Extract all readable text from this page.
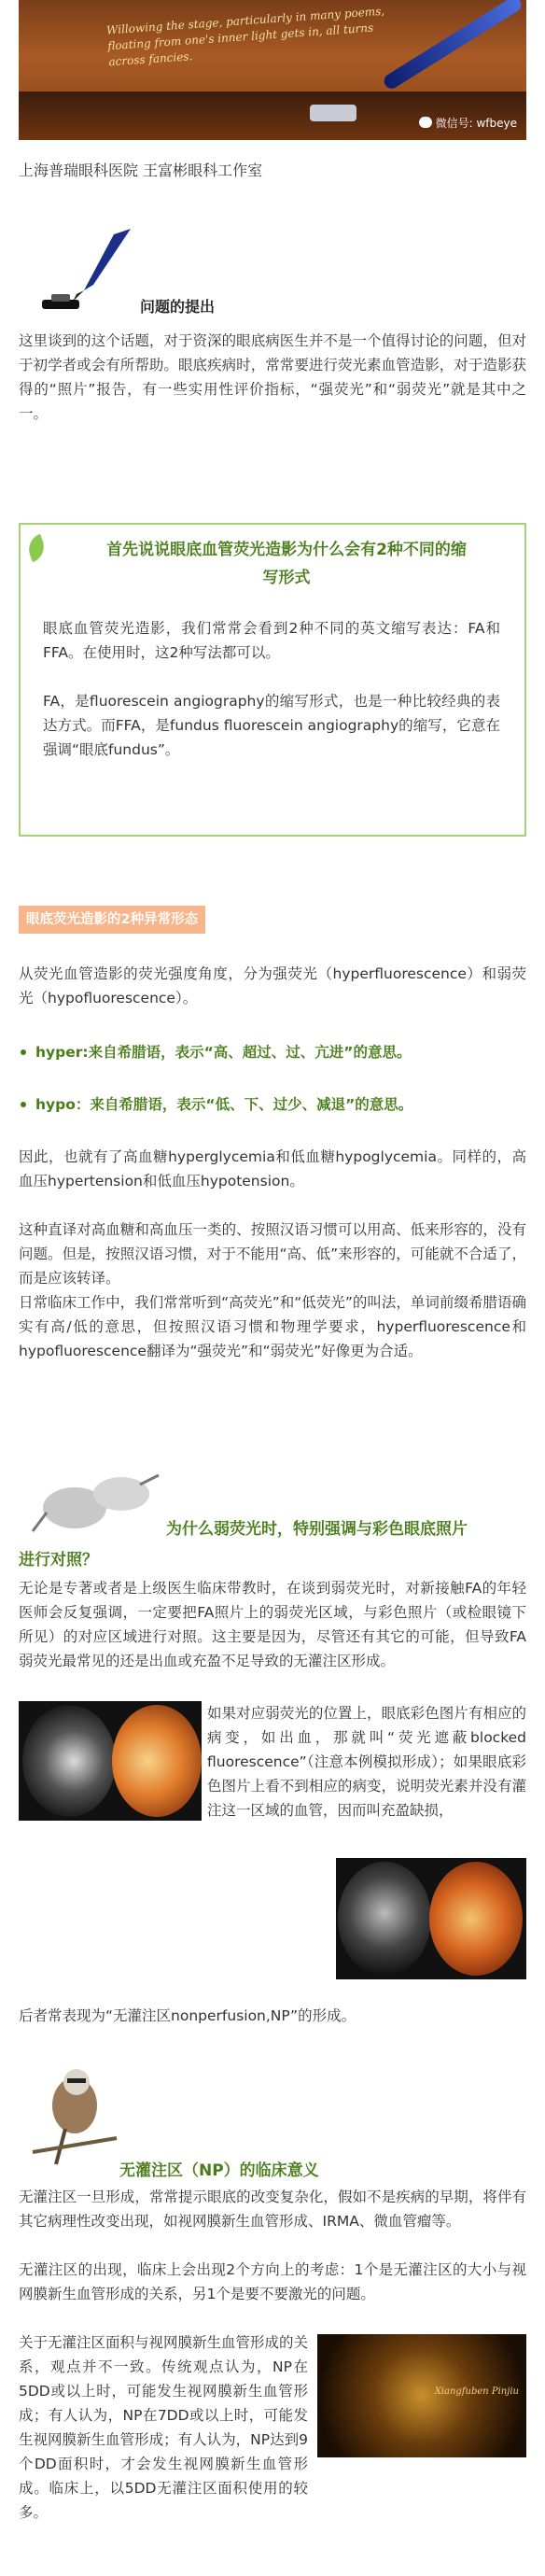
Willowing the stage, particularly in many poems, floating from one's inner light gets in, all turns across fancies.
微信号: wfbeye
上海普瑞眼科医院 王富彬眼科工作室
问题的提出
这里谈到的这个话题，对于资深的眼底病医生并不是一个值得讨论的问题，但对于初学者或会有所帮助。眼底疾病时，常常要进行荧光素血管造影，对于造影获得的“照片”报告，有一些实用性评价指标，“强荧光”和“弱荧光”就是其中之一。
首先说说眼底血管荧光造影为什么会有2种不同的缩
写形式
眼底血管荧光造影，我们常常会看到2种不同的英文缩写表达：FA和FFA。在使用时，这2种写法都可以。
FA，是fluorescein angiography的缩写形式，也是一种比较经典的表达方式。而FFA，是fundus fluorescein angiography的缩写，它意在强调“眼底fundus”。
眼底荧光造影的2种异常形态
从荧光血管造影的荧光强度角度，分为强荧光（hyperfluorescence）和弱荧光（hypofluorescence）。
hyper:来自希腊语，表示“高、超过、过、亢进”的意思。
hypo：来自希腊语，表示“低、下、过少、减退”的意思。
因此，也就有了高血糖hyperglycemia和低血糖hypoglycemia。同样的，高血压hypertension和低血压hypotension。
这种直译对高血糖和高血压一类的、按照汉语习惯可以用高、低来形容的，没有问题。但是，按照汉语习惯，对于不能用“高、低”来形容的，可能就不合适了，而是应该转译。
日常临床工作中，我们常常听到“高荧光”和“低荧光”的叫法，单词前缀希腊语确实有高/低的意思，但按照汉语习惯和物理学要求，hyperfluorescence和hypofluorescence翻译为“强荧光”和“弱荧光”好像更为合适。
为什么弱荧光时，特别强调与彩色眼底照片
进行对照？
无论是专著或者是上级医生临床带教时，在谈到弱荧光时，对新接触FA的年轻医师会反复强调，一定要把FA照片上的弱荧光区域，与彩色照片（或检眼镜下所见）的对应区域进行对照。这主要是因为，尽管还有其它的可能，但导致FA弱荧光最常见的还是出血或充盈不足导致的无灌注区形成。
如果对应弱荧光的位置上，眼底彩色图片有相应的病变，如出血，那就叫“荧光遮蔽blocked fluorescence”（注意本例模拟形成）；如果眼底彩色图片上看不到相应的病变，说明荧光素并没有灌注这一区域的血管，因而叫充盈缺损，
后者常表现为“无灌注区nonperfusion,NP”的形成。
无灌注区（NP）的临床意义
无灌注区一旦形成，常常提示眼底的改变复杂化，假如不是疾病的早期，将伴有其它病理性改变出现，如视网膜新生血管形成、IRMA、微血管瘤等。
无灌注区的出现，临床上会出现2个方向上的考虑：1个是无灌注区的大小与视网膜新生血管形成的关系，另1个是要不要激光的问题。
Xiangfuben Pinjiu
关于无灌注区面积与视网膜新生血管形成的关系，观点并不一致。传统观点认为，NP在5DD或以上时，可能发生视网膜新生血管形成；有人认为，NP在7DD或以上时，可能发生视网膜新生血管形成；有人认为，NP达到9个DD面积时，才会发生视网膜新生血管形成。临床上，以5DD无灌注区面积使用的较多。
